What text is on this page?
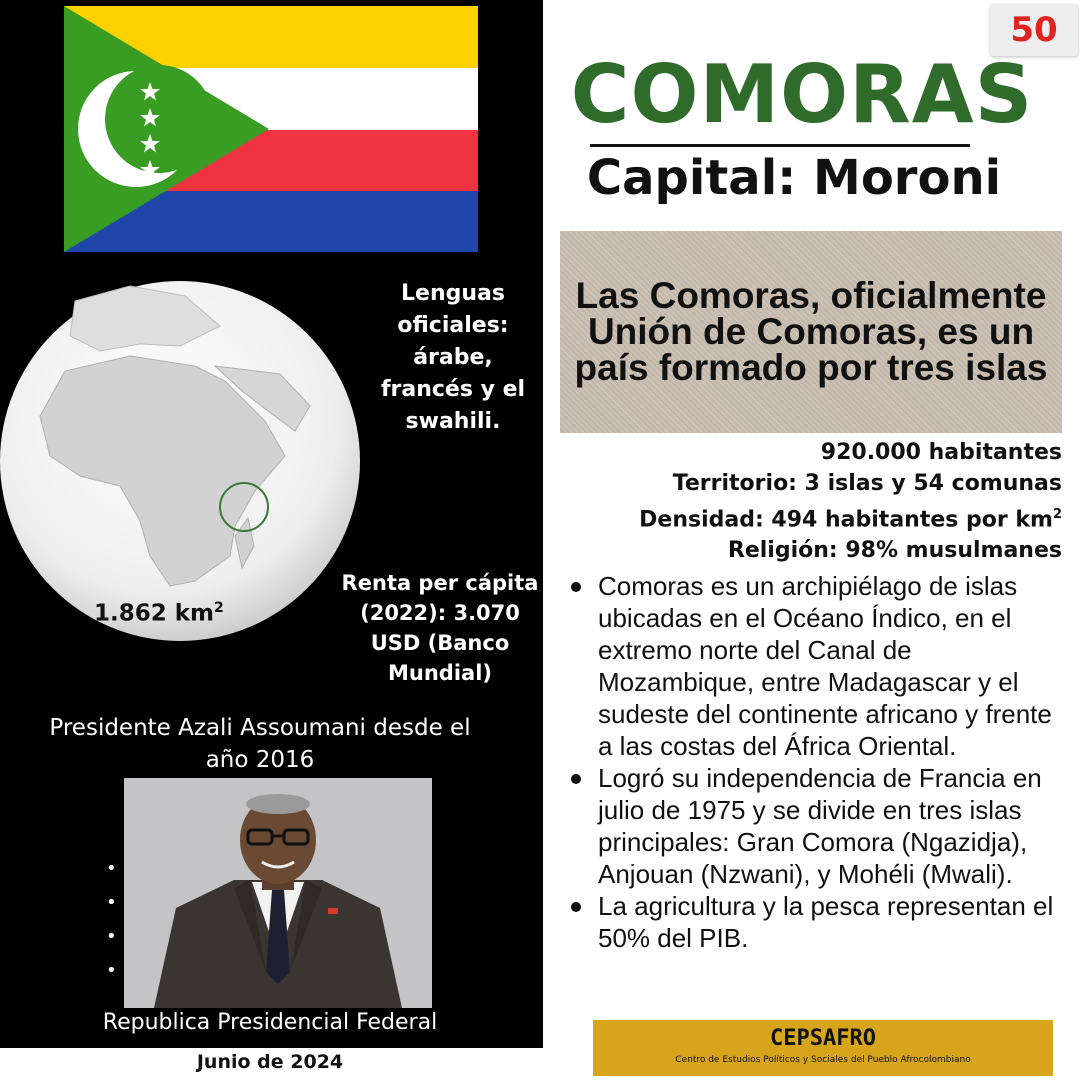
Lenguas oficiales: árabe, francés y el swahili.
1.862 $km^2$
Renta per cápita (2022): 3.070 USD (Banco Mundial)
Presidente Azali Assoumani desde el año 2016
•
•
•
•
Republica Presidencial Federal
Junio de 2024
50
COMORAS
Capital: Moroni
Las Comoras, oficialmente Unión de Comoras, es un país formado por tres islas
920.000 habitantes
Territorio: 3 islas y 54 comunas
Densidad: 494 habitantes por $km^2$
Religión: 98% musulmanes
Comoras es un archipiélago de islas ubicadas en el Océano Índico, en el extremo norte del Canal de Mozambique, entre Madagascar y el sudeste del continente africano y frente a las costas del África Oriental.
Logró su independencia de Francia en julio de 1975 y se divide en tres islas principales: Gran Comora (Ngazidja), Anjouan (Nzwani), y Mohéli (Mwali).
La agricultura y la pesca representan el 50% del PIB.
CEPSAFRO
Centro de Estudios Políticos y Sociales del Pueblo Afrocolombiano
